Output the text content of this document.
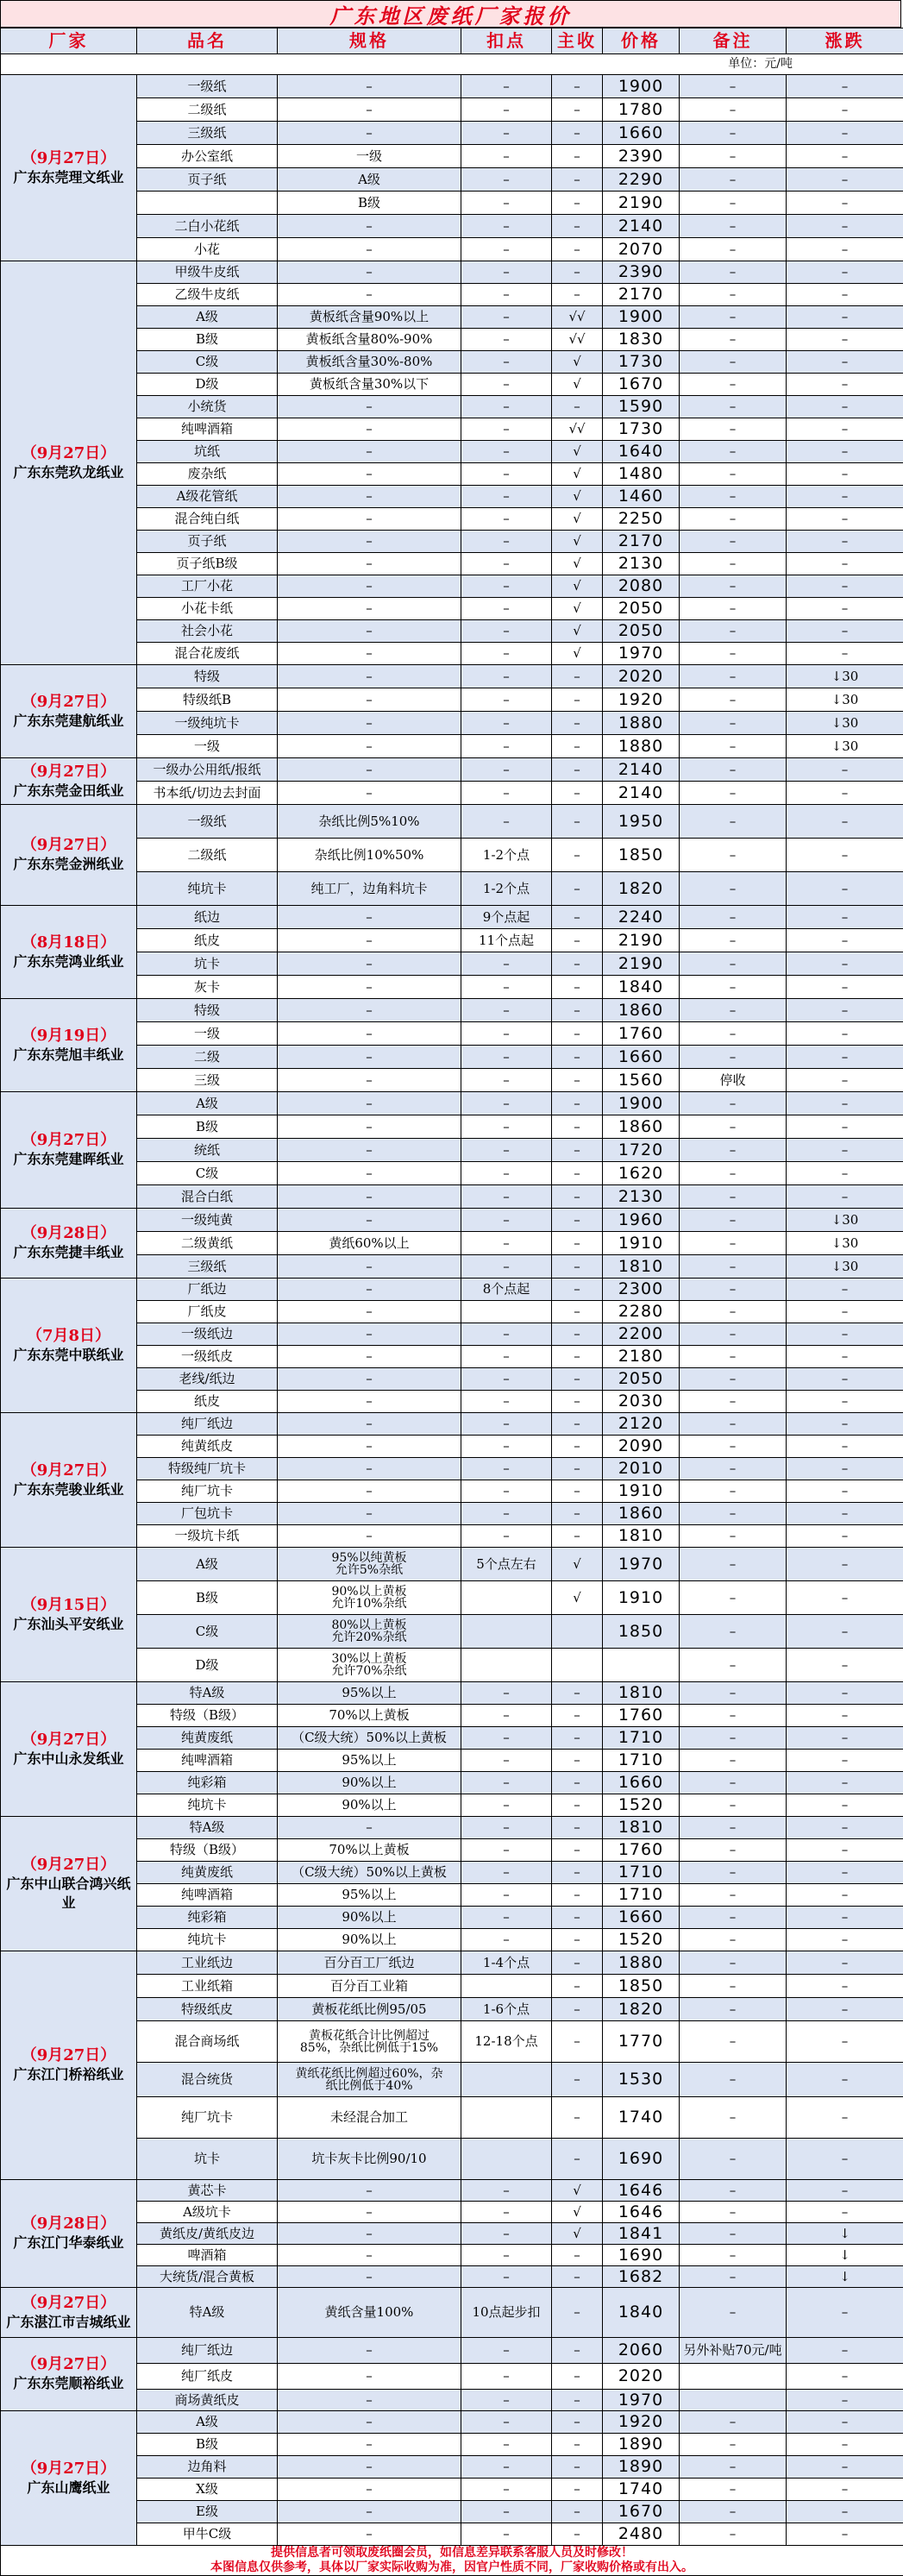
广东地区废纸厂家报价
厂家	品名	规格	扣点	主收	价格	备注	涨跌
单位：元/吨							

（9月27日）
广东东莞理文纸业	一级纸	–	–	–	1900	–	–
	二级纸	–	–	–	1780	–	–
	三级纸	–	–	–	1660	–	–
	办公室纸	一级	–	–	2390	–	–
	页子纸	A级	–	–	2290	–	–
		B级	–	–	2190	–	–
	二白小花纸	–	–	–	2140	–	–
	小花	–	–	–	2070	–	–

（9月27日）
广东东莞玖龙纸业	甲级牛皮纸	–	–	–	2390	–	–
	乙级牛皮纸	–	–	–	2170	–	–
	A级	黄板纸含量90%以上	–	√√	1900	–	–
	B级	黄板纸含量80%-90%	–	√√	1830	–	–
	C级	黄板纸含量30%-80%	–	√	1730	–	–
	D级	黄板纸含量30%以下	–	√	1670	–	–
	小统货	–	–	–	1590	–	–
	纯啤酒箱	–	–	√√	1730	–	–
	坑纸	–	–	√	1640	–	–
	废杂纸	–	–	√	1480	–	–
	A级花管纸	–	–	√	1460	–	–
	混合纯白纸	–	–	√	2250	–	–
	页子纸	–	–	√	2170	–	–
	页子纸B级	–	–	√	2130	–	–
	工厂小花	–	–	√	2080	–	–
	小花卡纸	–	–	√	2050	–	–
	社会小花	–	–	√	2050	–	–
	混合花废纸	–	–	√	1970	–	–

（9月27日）
广东东莞建航纸业	特级	–	–	–	2020	–	↓30
	特级纸B	–	–	–	1920	–	↓30
	一级纯坑卡	–	–	–	1880	–	↓30
	一级	–	–	–	1880	–	↓30

（9月27日）
广东东莞金田纸业	一级办公用纸/报纸	–	–	–	2140	–	–
	书本纸/切边去封面	–	–	–	2140	–	–

（9月27日）
广东东莞金洲纸业	一级纸	杂纸比例5%10%	–	–	1950	–	–
	二级纸	杂纸比例10%50%	1-2个点	–	1850	–	–
	纯坑卡	纯工厂，边角料坑卡	1-2个点	–	1820	–	–

（8月18日）
广东东莞鸿业纸业	纸边	–	9个点起	–	2240	–	–
	纸皮	–	11个点起	–	2190	–	–
	坑卡	–	–	–	2190	–	–
	灰卡	–	–	–	1840	–	–

（9月19日）
广东东莞旭丰纸业	特级	–	–	–	1860	–	–
	一级	–	–	–	1760	–	–
	二级	–	–	–	1660	–	–
	三级	–	–	–	1560	停收	–

（9月27日）
广东东莞建晖纸业	A级	–	–	–	1900	–	–
	B级	–	–	–	1860	–	–
	统纸	–	–	–	1720	–	–
	C级	–	–	–	1620	–	–
	混合白纸	–	–	–	2130	–	–

（9月28日）
广东东莞捷丰纸业	一级纯黄	–	–	–	1960	–	↓30
	二级黄纸	黄纸60%以上	–	–	1910	–	↓30
	三级纸	–	–	–	1810	–	↓30

（7月8日）
广东东莞中联纸业	厂纸边	–	8个点起	–	2300	–	–
	厂纸皮	–		–	2280	–	–
	一级纸边	–	–	–	2200	–	–
	一级纸皮	–	–	–	2180	–	–
	老线/纸边	–	–	–	2050	–	–
	纸皮	–	–	–	2030	–	–

（9月27日）
广东东莞骏业纸业	纯厂纸边	–	–	–	2120	–	–
	纯黄纸皮	–	–	–	2090	–	–
	特级纯厂坑卡	–	–	–	2010	–	–
	纯厂坑卡	–	–	–	1910	–	–
	厂包坑卡	–	–	–	1860	–	–
	一级坑卡纸	–	–	–	1810	–	–

（9月15日）
广东汕头平安纸业	A级	95%以纯黄板
允许5%杂纸	5个点左右	√	1970	–	–
	B级	90%以上黄板
允许10%杂纸		√	1910	–	–
	C级	80%以上黄板
允许20%杂纸			1850	–	–
	D级	30%以上黄板
允许70%杂纸				–	–

（9月27日）
广东中山永发纸业	特A级	95%以上	–	–	1810	–	–
	特级（B级）	70%以上黄板	–	–	1760	–	–
	纯黄废纸	（C级大统）50%以上黄板	–	–	1710	–	–
	纯啤酒箱	95%以上	–	–	1710	–	–
	纯彩箱	90%以上	–	–	1660	–	–
	纯坑卡	90%以上	–	–	1520	–	–

（9月27日）
广东中山联合鸿兴纸业	特A级	–	–	–	1810	–	–
	特级（B级）	70%以上黄板	–	–	1760	–	–
	纯黄废纸	（C级大统）50%以上黄板	–	–	1710	–	–
	纯啤酒箱	95%以上	–	–	1710	–	–
	纯彩箱	90%以上	–	–	1660	–	–
	纯坑卡	90%以上	–	–	1520	–	–

（9月27日）
广东江门桥裕纸业	工业纸边	百分百工厂纸边	1-4个点	–	1880	–	–
	工业纸箱	百分百工业箱		–	1850	–	–
	特级纸皮	黄板花纸比例95/05	1-6个点	–	1820	–	–
	混合商场纸	黄板花纸合计比例超过
85%，杂纸比例低于15%	12-18个点	–	1770	–	–
	混合统货	黄纸花纸比例超过60%，杂
纸比例低于40%		–	1530	–	–
	纯厂坑卡	未经混合加工		–	1740	–	–
	坑卡	坑卡灰卡比例90/10		–	1690	–	–

（9月28日）
广东江门华泰纸业	黄芯卡	–	–	√	1646	–	–
	A级坑卡	–	–	√	1646	–	–
	黄纸皮/黄纸皮边	–	–	√	1841	–	↓
	啤酒箱	–	–	–	1690	–	↓
	大统货/混合黄板	–	–	–	1682	–	↓

（9月27日）
广东湛江市吉城纸业	特A级	黄纸含量100%	10点起步扣	–	1840	–	–

（9月27日）
广东东莞顺裕纸业	纯厂纸边	–	–	–	2060	另外补贴70元/吨	–
	纯厂纸皮	–	–	–	2020		–
	商场黄纸皮	–	–	–	1970		–

（9月27日）
广东山鹰纸业	A级	–	–	–	1920	–	–
	B级	–	–	–	1890	–	–
	边角料	–	–	–	1890	–	–
	X级	–	–	–	1740	–	–
	E级	–	–	–	1670	–	–
	甲牛C级	–	–	–	2480	–	–

提供信息者可领取废纸圈会员，如信息差异联系客服人员及时修改！
本图信息仅供参考，具体以厂家实际收购为准，因官户性质不同，厂家收购价格或有出入。							
